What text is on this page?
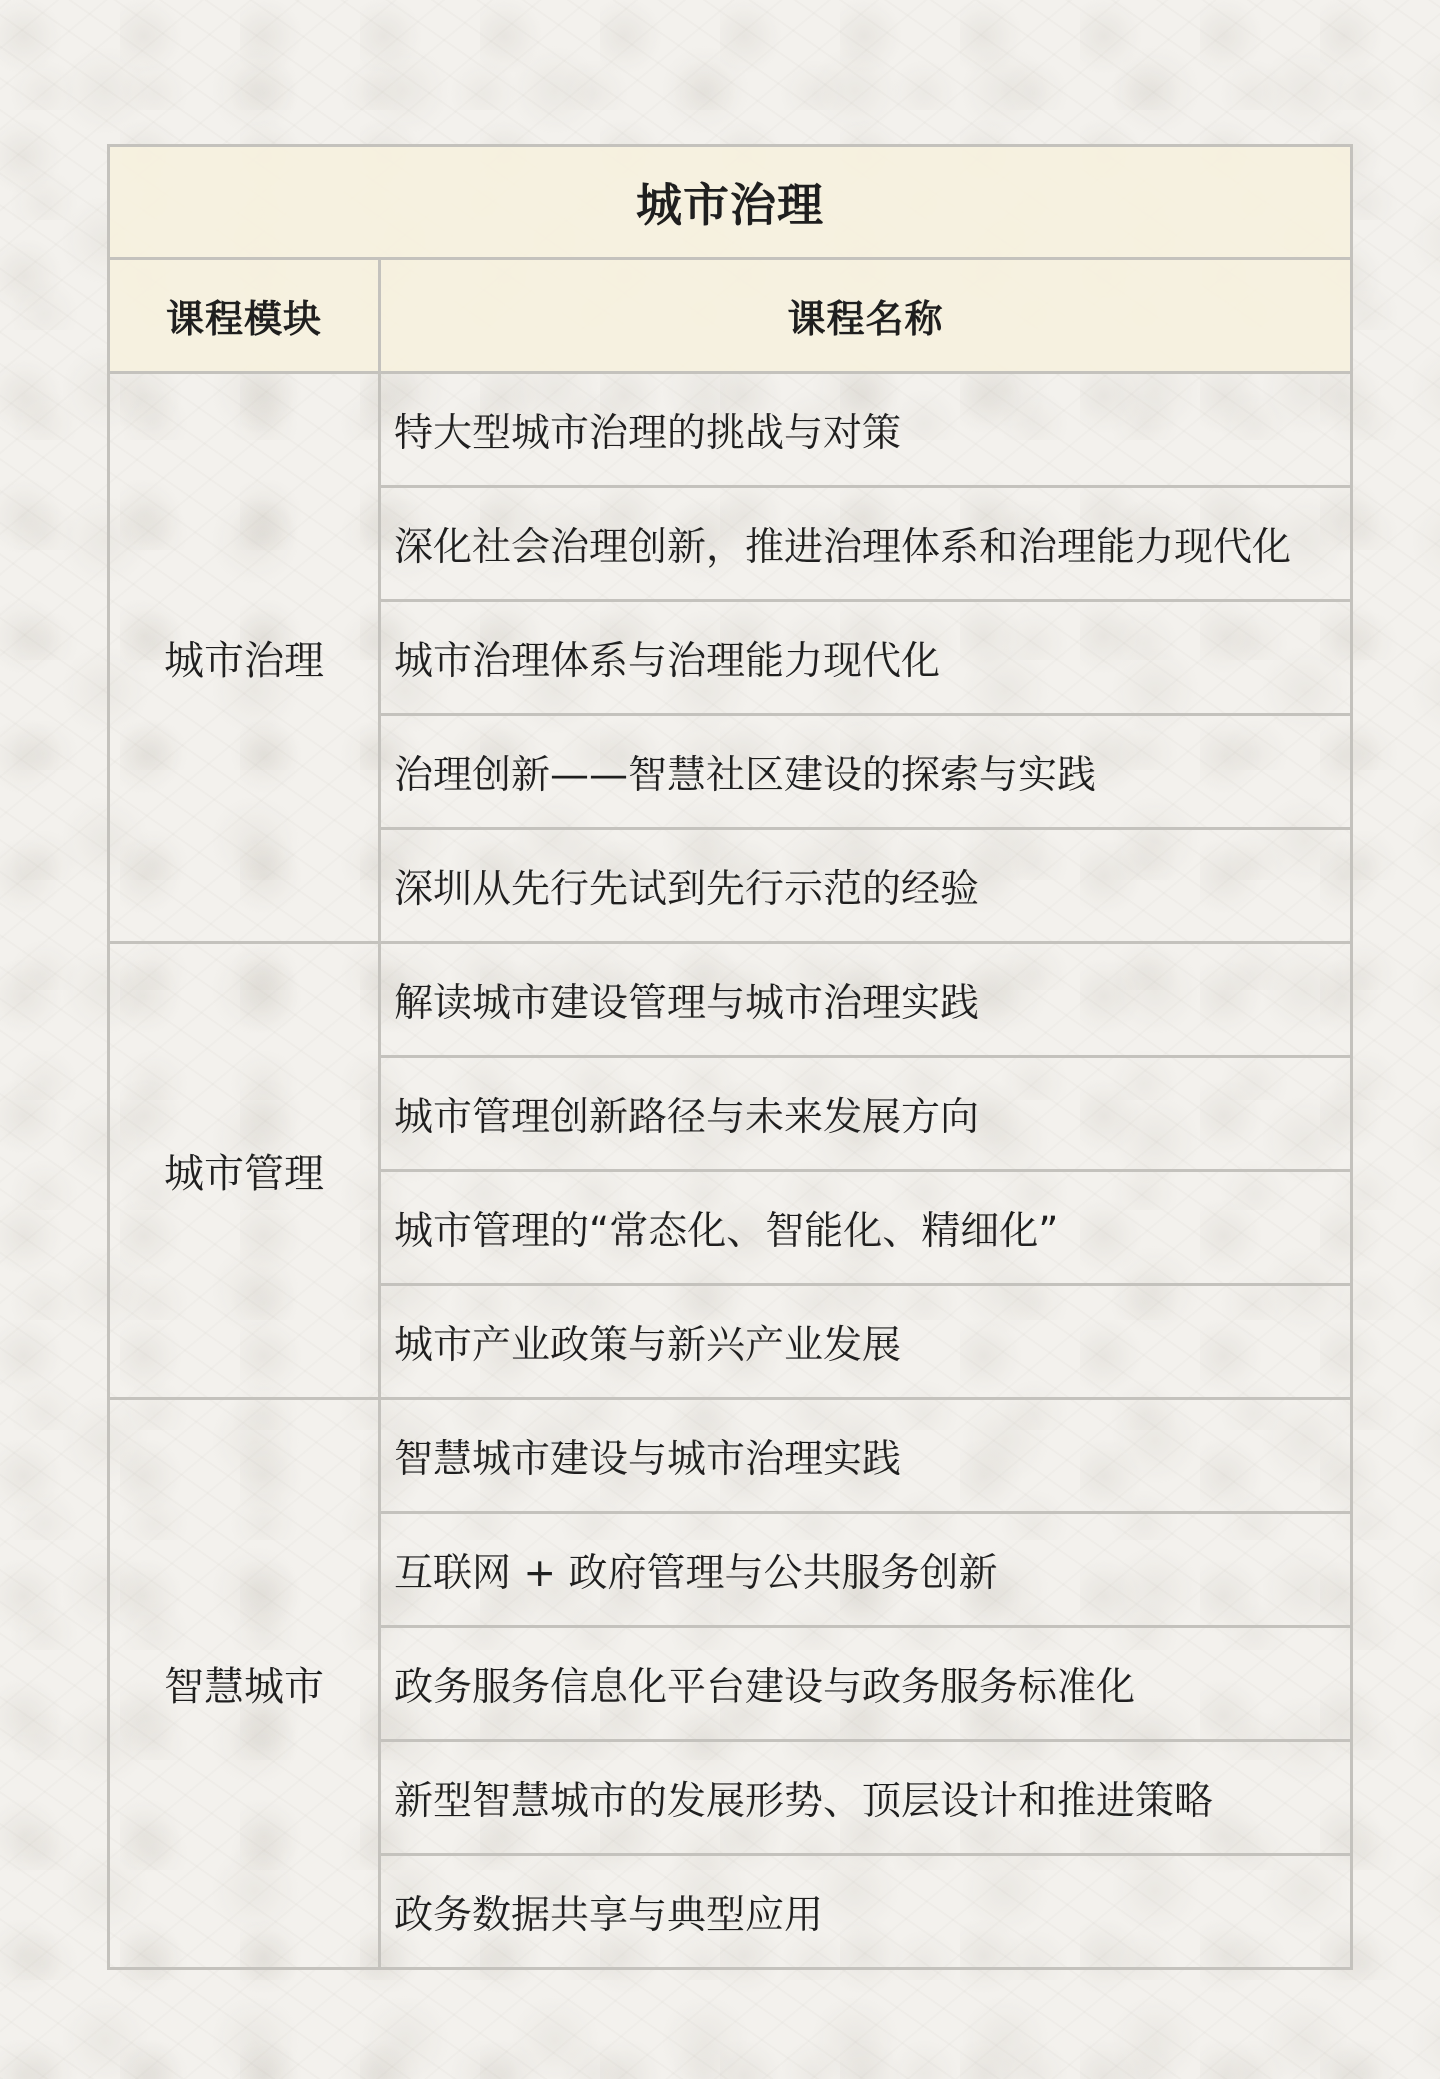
城市治理	
课程模块	课程名称
城市治理	特大型城市治理的挑战与对策
	深化社会治理创新，推进治理体系和治理能力现代化
	城市治理体系与治理能力现代化
	治理创新——智慧社区建设的探索与实践
	深圳从先行先试到先行示范的经验
城市管理	解读城市建设管理与城市治理实践
	城市管理创新路径与未来发展方向
	城市管理的“常态化、智能化、精细化”
	城市产业政策与新兴产业发展
智慧城市	智慧城市建设与城市治理实践
	互联网 + 政府管理与公共服务创新
	政务服务信息化平台建设与政务服务标准化
	新型智慧城市的发展形势、顶层设计和推进策略
	政务数据共享与典型应用
